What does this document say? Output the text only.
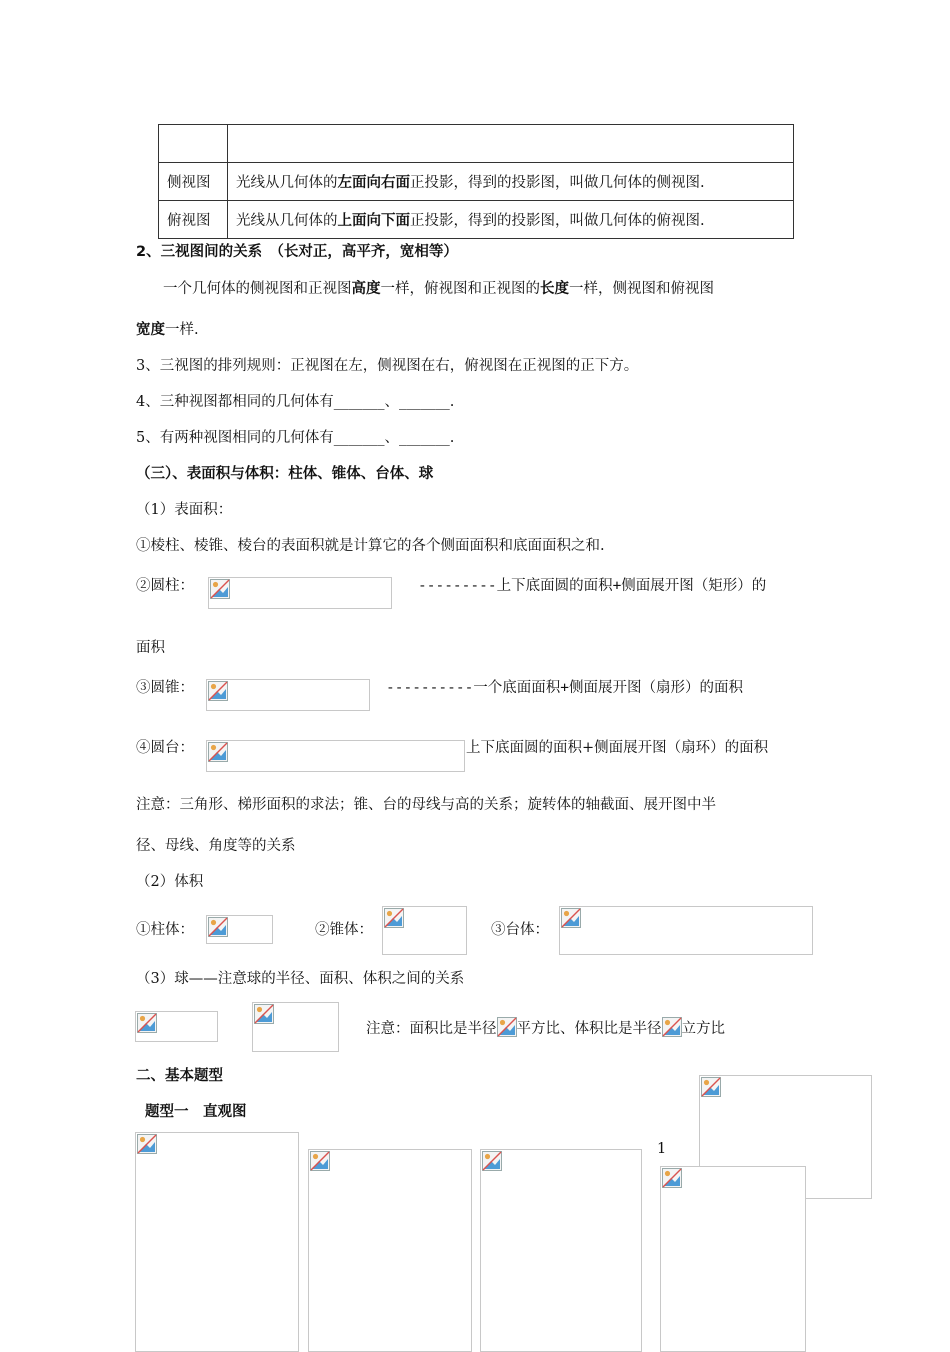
侧视图	光线从几何体的左面向右面正投影，得到的投影图，叫做几何体的侧视图.
俯视图	光线从几何体的上面向下面正投影，得到的投影图，叫做几何体的俯视图.
2、三视图间的关系　（长对正，高平齐，宽相等）
一个几何体的侧视图和正视图高度一样，俯视图和正视图的长度一样，侧视图和俯视图
宽度一样.
3、三视图的排列规则：正视图在左，侧视图在右，俯视图在正视图的正下方。
4、三种视图都相同的几何体有_______、_______.
5、有两种视图相同的几何体有_______、_______.
（三）、表面积与体积：柱体、锥体、台体、球
（1）表面积：
①棱柱、棱锥、棱台的表面积就是计算它的各个侧面面积和底面面积之和.
②圆柱：	---------上下底面圆的面积+侧面展开图（矩形）的
面积
③圆锥：	----------一个底面面积+侧面展开图（扇形）的面积
④圆台：	上下底面圆的面积+侧面展开图（扇环）的面积
注意：三角形、梯形面积的求法；锥、台的母线与高的关系；旋转体的轴截面、展开图中半
径、母线、角度等的关系
（2）体积
①柱体：	②锥体：	③台体：
（3）球——注意球的半径、面积、体积之间的关系
注意：面积比是半径 平方比、体积比是半径 立方比
二、基本题型
题型一　直观图
1
